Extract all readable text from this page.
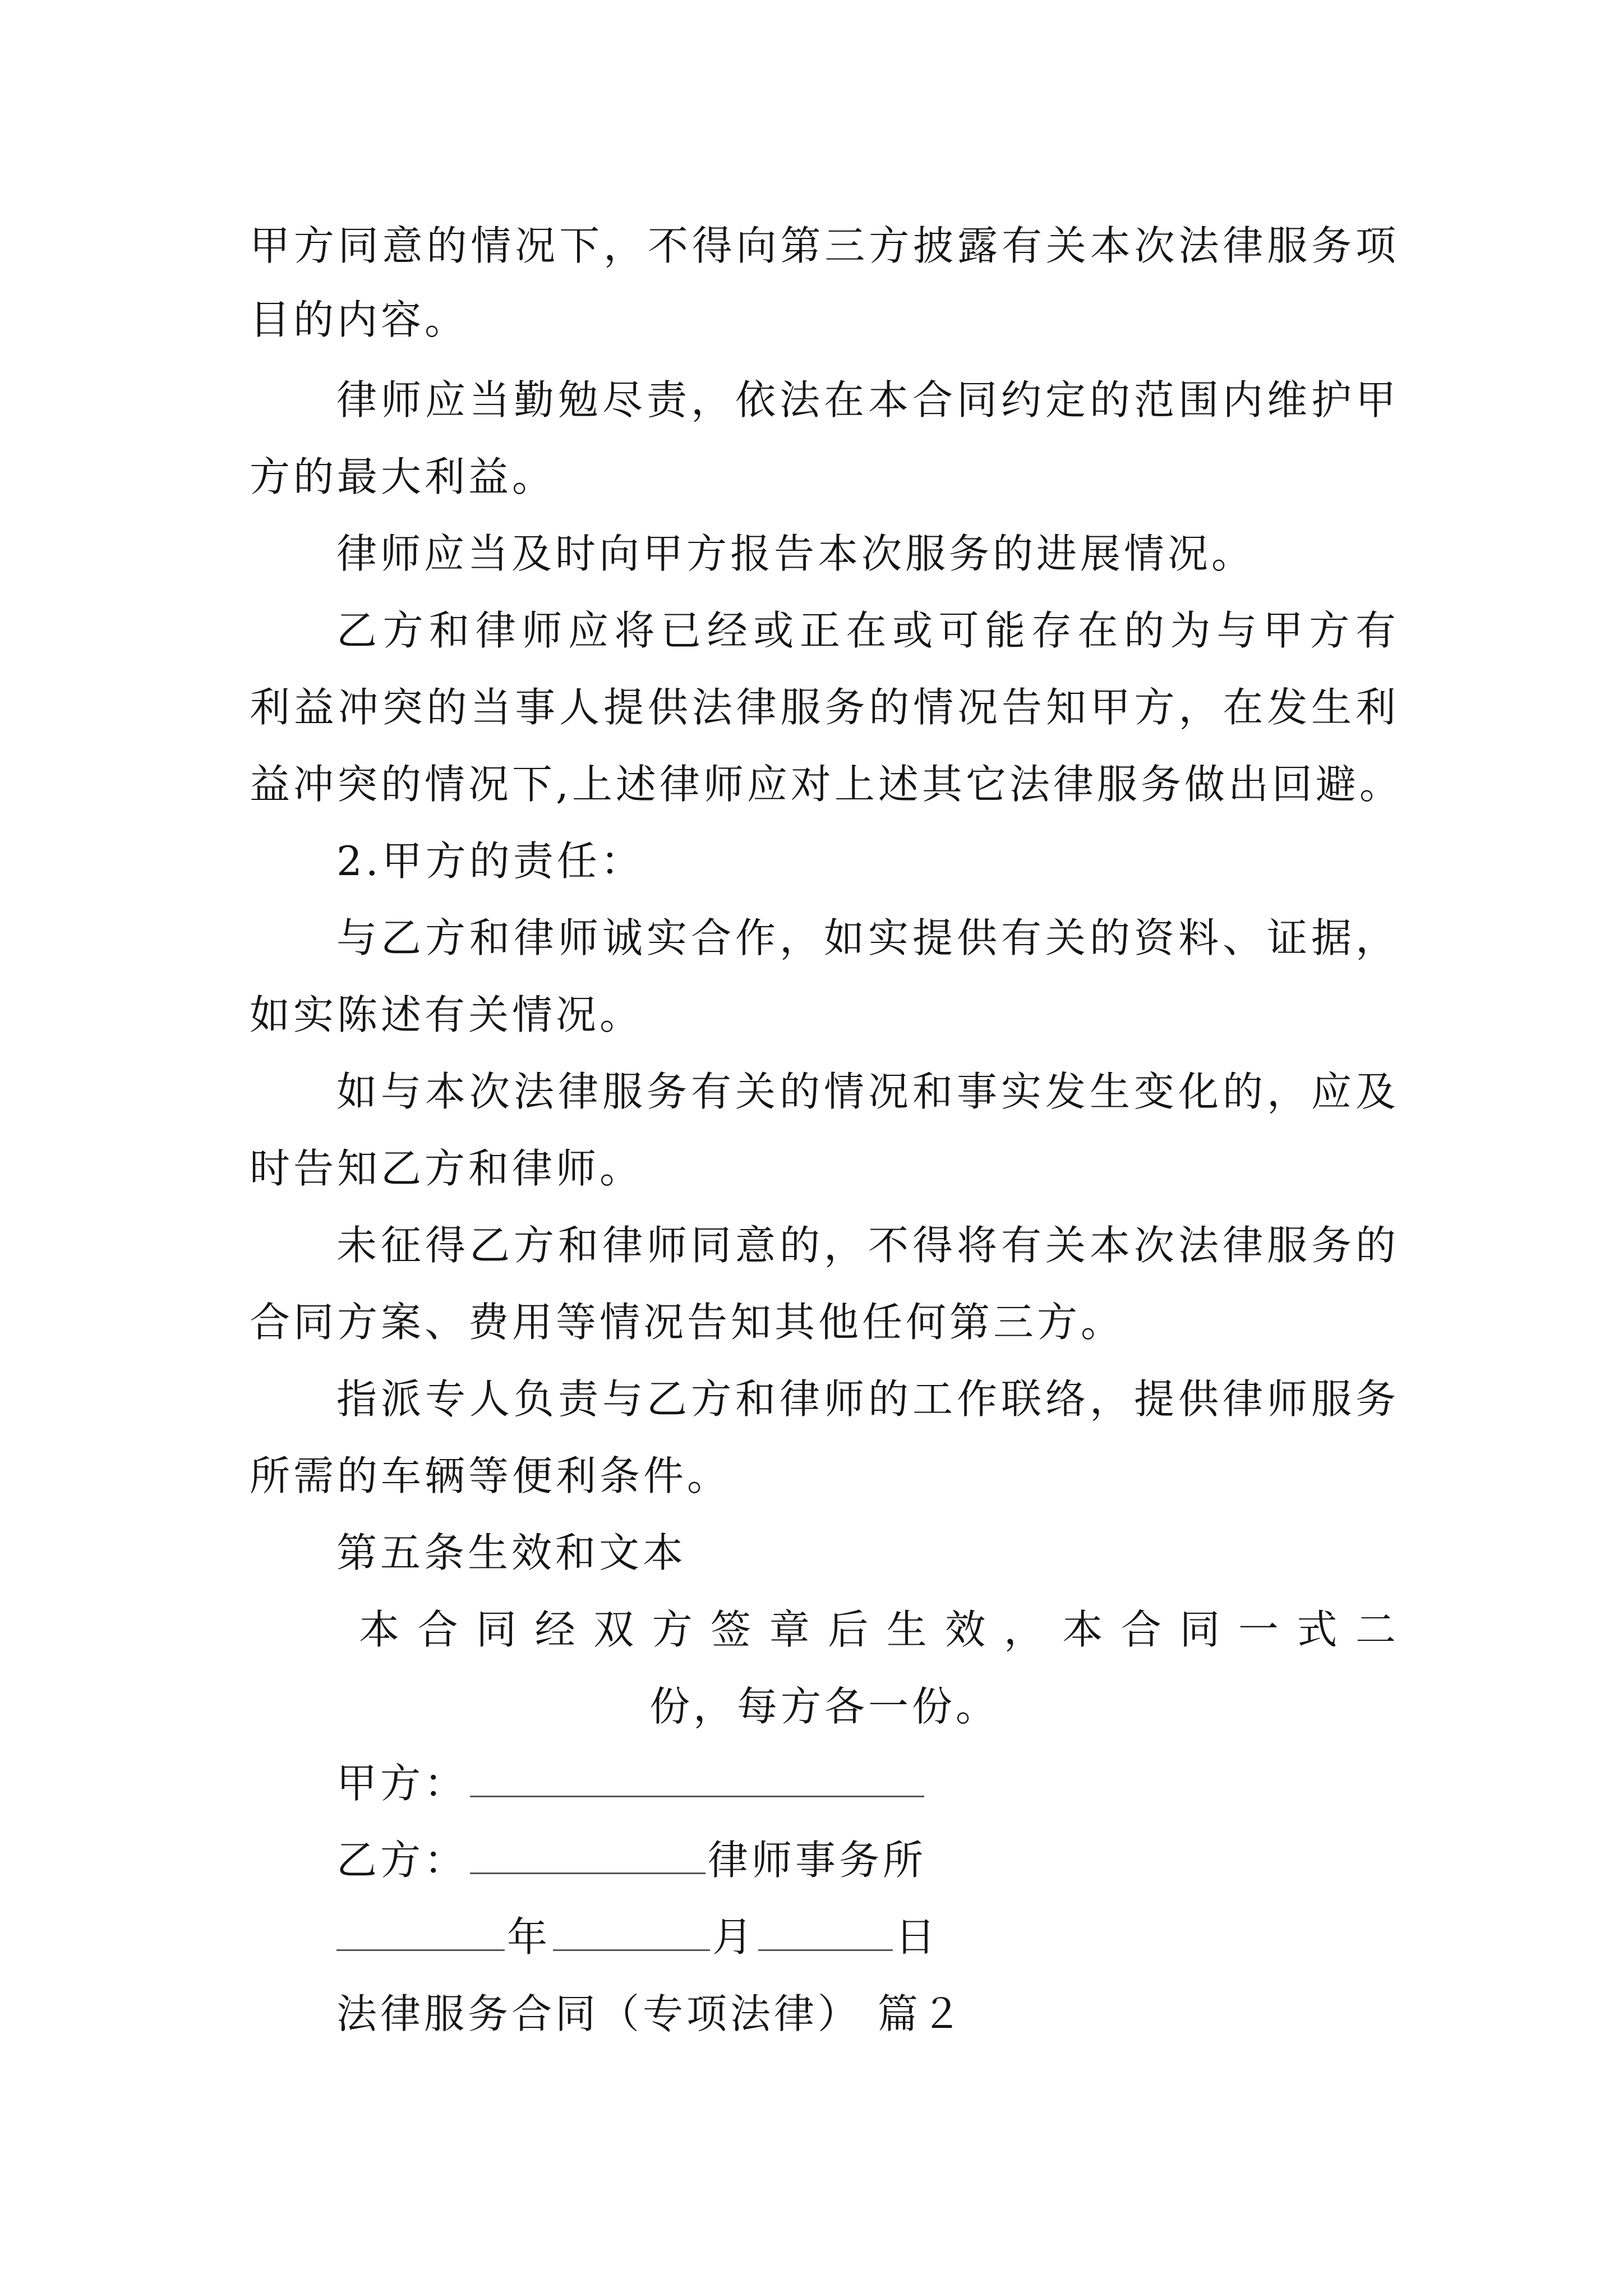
甲方同意的情况下，不得向第三方披露有关本次法律服务项
目的内容。
律师应当勤勉尽责，依法在本合同约定的范围内维护甲
方的最大利益。
律师应当及时向甲方报告本次服务的进展情况。
乙方和律师应将已经或正在或可能存在的为与甲方有
利益冲突的当事人提供法律服务的情况告知甲方，在发生利
益冲突的情况下,上述律师应对上述其它法律服务做出回避。
2.甲方的责任：
与乙方和律师诚实合作，如实提供有关的资料、证据，
如实陈述有关情况。
如与本次法律服务有关的情况和事实发生变化的，应及
时告知乙方和律师。
未征得乙方和律师同意的，不得将有关本次法律服务的
合同方案、费用等情况告知其他任何第三方。
指派专人负责与乙方和律师的工作联络，提供律师服务
所需的车辆等便利条件。
第五条生效和文本
本合同经双方签章后生效，本合同一式二
份，每方各一份。
甲方：
乙方：	律师事务所
年	月	日
法律服务合同（专项法律） 篇２
